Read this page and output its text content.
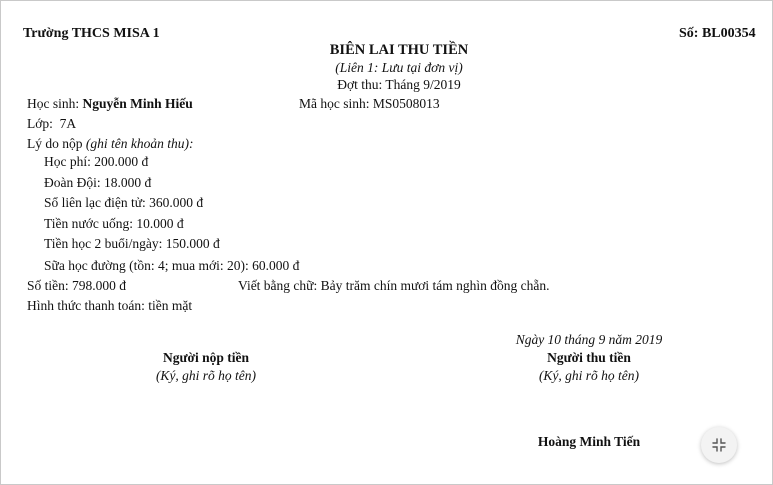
Trường THCS MISA 1	Số: BL00354
BIÊN LAI THU TIỀN
(Liên 1: Lưu tại đơn vị)
Đợt thu: Tháng 9/2019
Học sinh: Nguyễn Minh Hiếu	Mã học sinh: MS0508013
Lớp: 7A
Lý do nộp (ghi tên khoản thu):
Học phí: 200.000 đ
Đoàn Đội: 18.000 đ
Sổ liên lạc điện tử: 360.000 đ
Tiền nước uống: 10.000 đ
Tiền học 2 buổi/ngày: 150.000 đ
Sữa học đường (tồn: 4; mua mới: 20): 60.000 đ
Số tiền: 798.000 đ	Viết bằng chữ: Bảy trăm chín mươi tám nghìn đồng chẵn.
Hình thức thanh toán: tiền mặt
Ngày 10 tháng 9 năm 2019
Người nộp tiền
(Ký, ghi rõ họ tên)
Người thu tiền
(Ký, ghi rõ họ tên)
Hoàng Minh Tiến
